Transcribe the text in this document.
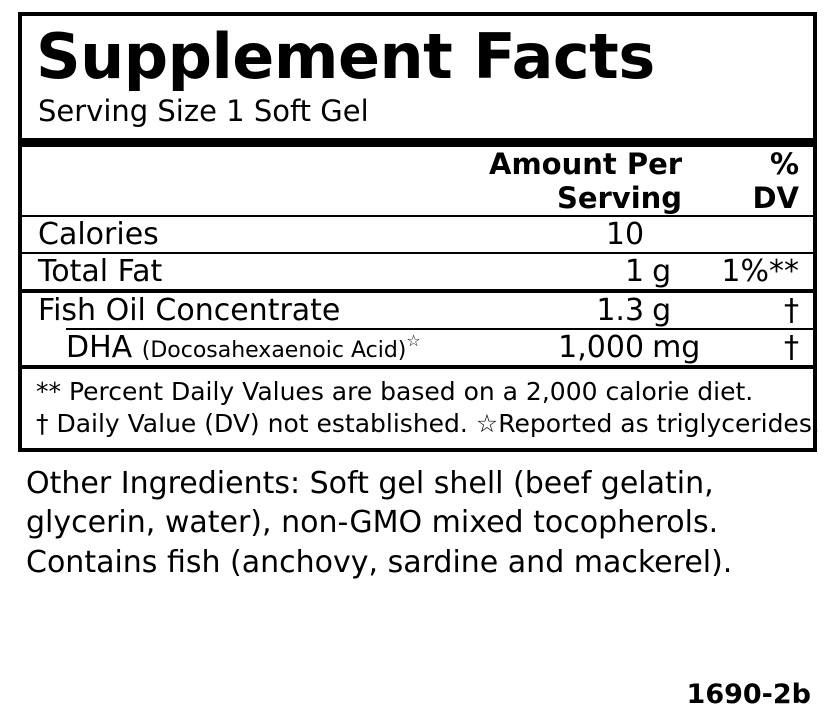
Supplement Facts
Serving Size 1 Soft Gel
	Amount Per Serving	% DV

Calories	10	

Total Fat	1 g	1%**

Fish Oil Concentrate	1.3 g	†

DHA (Docosahexaenoic Acid)☆	1,000 mg	†
** Percent Daily Values are based on a 2,000 calorie diet.
† Daily Value (DV) not established. ☆Reported as triglycerides.
Other Ingredients: Soft gel shell (beef gelatin,
glycerin, water), non-GMO mixed tocopherols.
Contains fish (anchovy, sardine and mackerel).
1690-2b
